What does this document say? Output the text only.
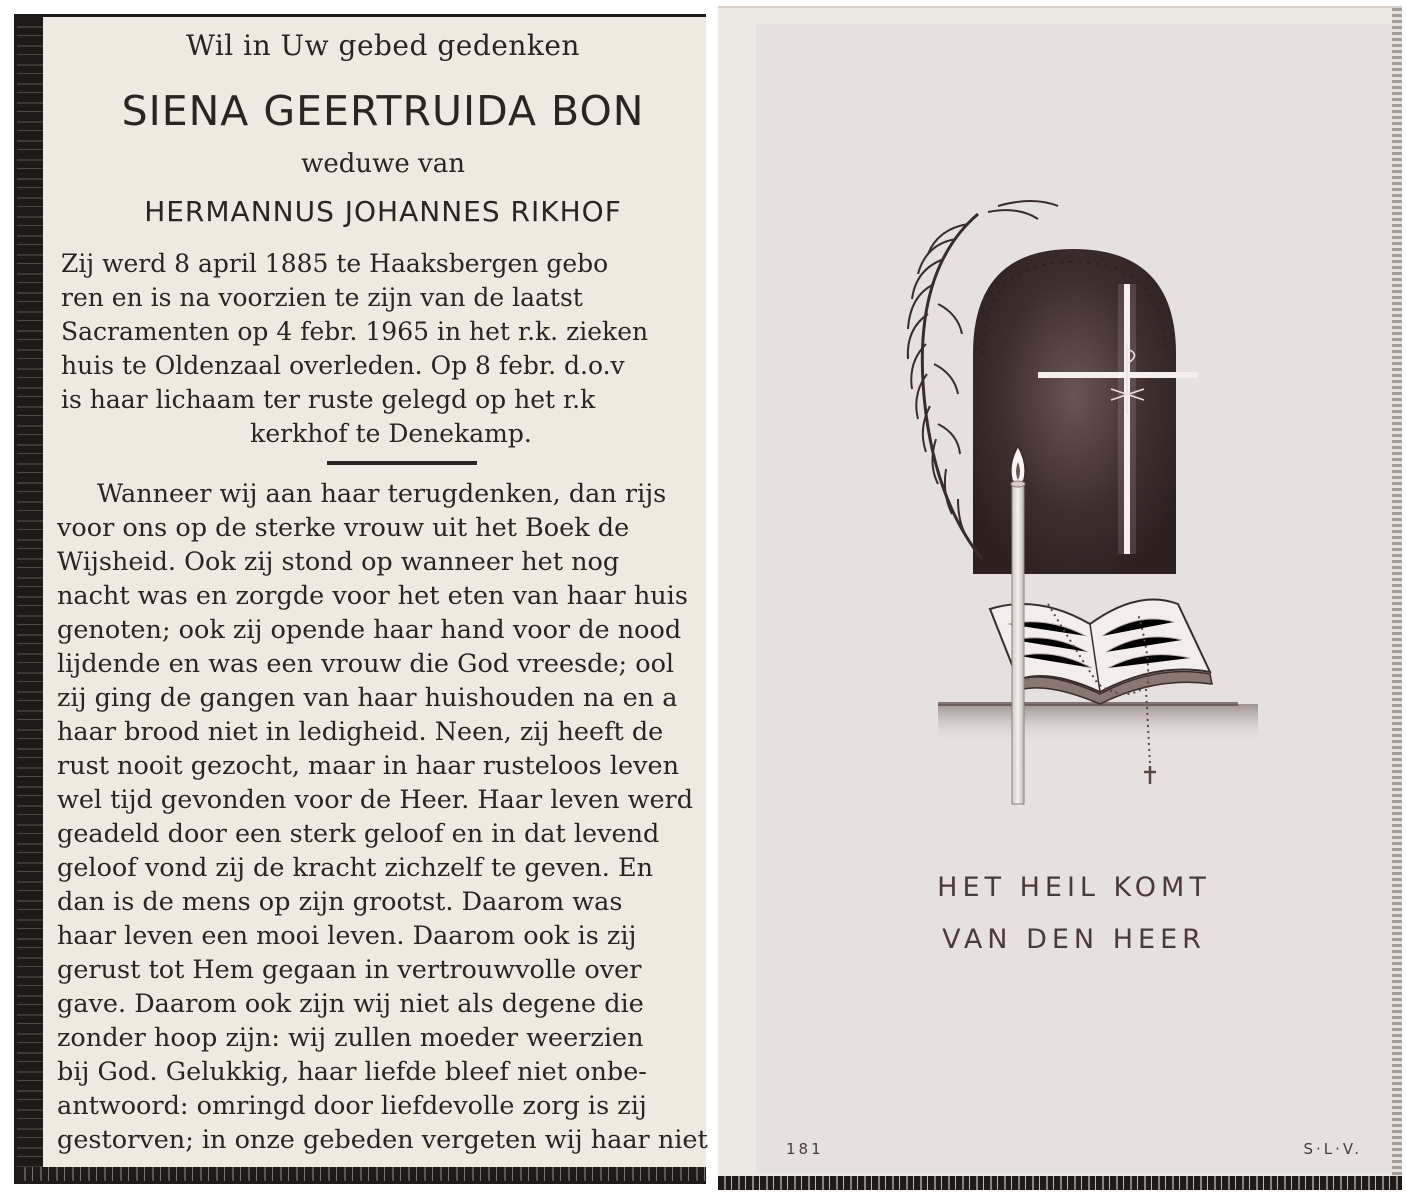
Wil in Uw gebed gedenken
SIENA GEERTRUIDA BON
weduwe van
HERMANNUS JOHANNES RIKHOF
Zij werd 8 april 1885 te Haaksbergen gebo
ren en is na voorzien te zijn van de laatst
Sacramenten op 4 febr. 1965 in het r.k. zieken
huis te Oldenzaal overleden. Op 8 febr. d.o.v
is haar lichaam ter ruste gelegd op het r.k
kerkhof te Denekamp.
Wanneer wij aan haar terugdenken, dan rijs
voor ons op de sterke vrouw uit het Boek de
Wijsheid. Ook zij stond op wanneer het nog
nacht was en zorgde voor het eten van haar huis
genoten; ook zij opende haar hand voor de nood
lijdende en was een vrouw die God vreesde; ool
zij ging de gangen van haar huishouden na en a
haar brood niet in ledigheid. Neen, zij heeft de
rust nooit gezocht, maar in haar rusteloos leven
wel tijd gevonden voor de Heer. Haar leven werd
geadeld door een sterk geloof en in dat levend
geloof vond zij de kracht zichzelf te geven. En
dan is de mens op zijn grootst. Daarom was
haar leven een mooi leven. Daarom ook is zij
gerust tot Hem gegaan in vertrouwvolle over
gave. Daarom ook zijn wij niet als degene die
zonder hoop zijn: wij zullen moeder weerzien
bij God. Gelukkig, haar liefde bleef niet onbe-
antwoord: omringd door liefdevolle zorg is zij
gestorven; in onze gebeden vergeten wij haar niet
HET HEIL KOMT
VAN DEN HEER
181	S·L·V.
